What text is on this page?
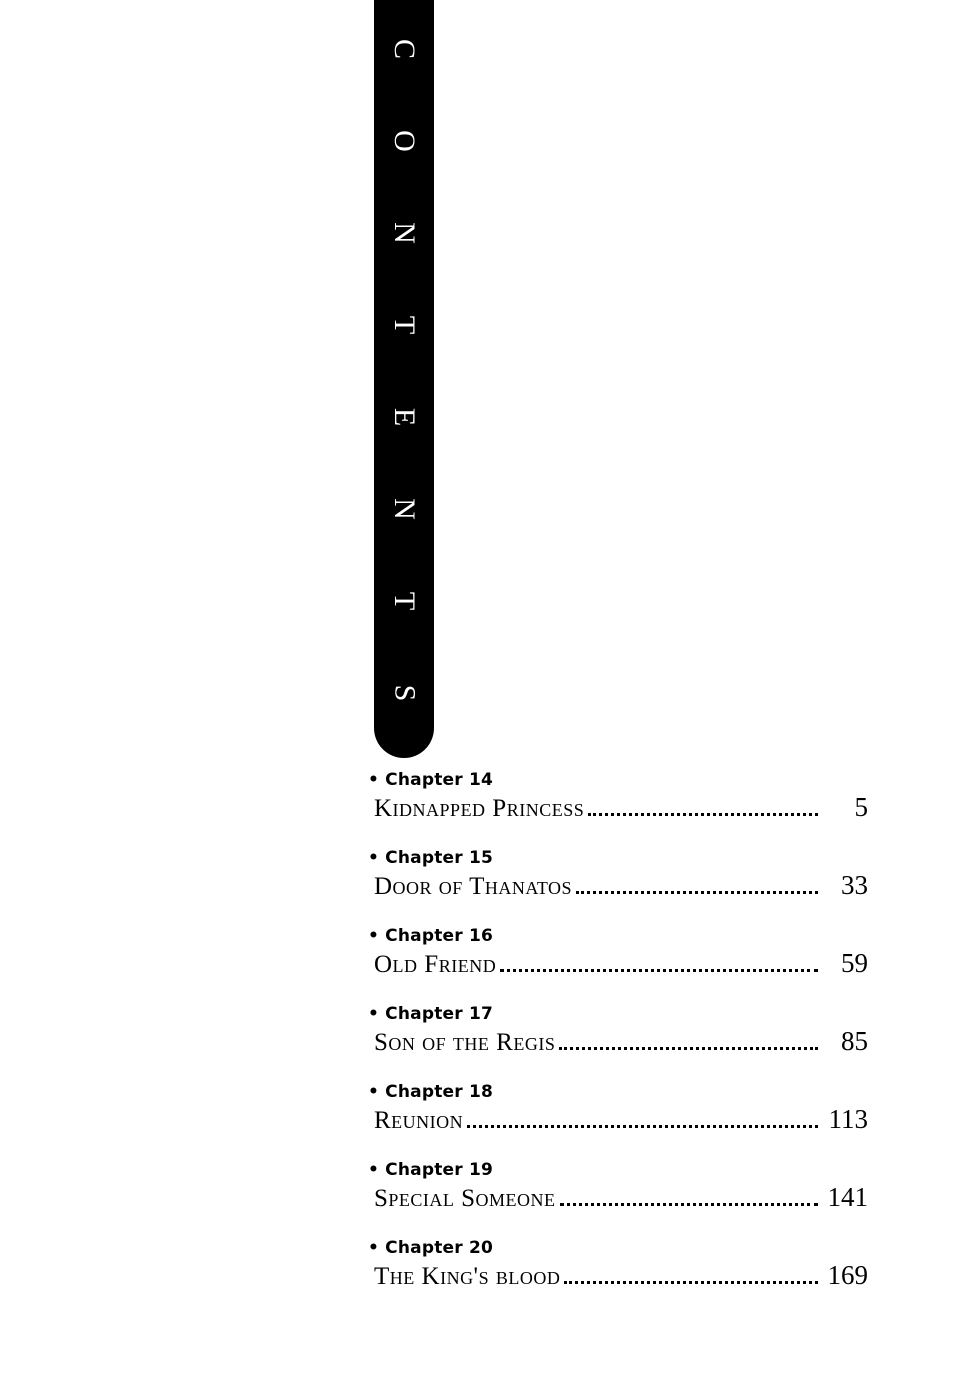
C
O
N
T
E
N
T
S
• Chapter 14
Kidnapped Princess	5
• Chapter 15
Door of Thanatos	33
• Chapter 16
Old Friend	59
• Chapter 17
Son of the Regis	85
• Chapter 18
Reunion	113
• Chapter 19
Special Someone	141
• Chapter 20
The King's blood	169
